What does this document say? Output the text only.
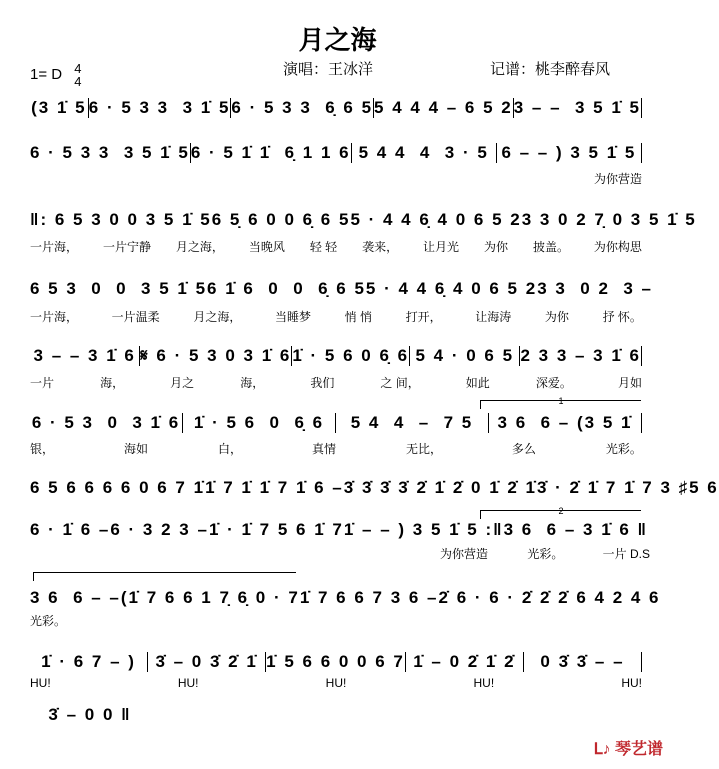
月之海
1= D 4
4
演唱：王冰洋	记谱：桃李醉春风
(3 1̇ 5 6 · 5 3 3  3 1̇ 5 6 · 5 3 3  6̣ 6 5 5 4 4 4 – 6 5 2 3 – –  3 5 1̇ 5
6 · 5 3 3  3 5 1̇ 5 6 · 5 1̇ 1̇  6̣ 1 1 6 5 4 4  4  3 · 5 6 – – ) 3 5 1̇ 5
为你营造
‖: 6 5 3 0 0 3 5 1̇ 5 6 5̣ 6 0 0 6̣ 6 5 5 · 4 4 6̣ 4 0 6 5 2 3 3 0 2 7̣ 0 3 5 1̇ 5
一片海， 一片宁静 月之海， 当晚风 轻 轻 袭来， 让月光 为你 披盖。 为你构思
6 5 3  0  0  3 5 1̇ 5 6 1̇ 6  0  0  6̣ 6 5 5 · 4 4 6̣ 4 0 6 5 2 3 3  0 2  3 –
一片海，	一片温柔	月之海，	当睡梦	悄 悄	打开，	让海涛	为你	抒 怀。
3 – – 3 1̇ 6 𝄋 6 · 5 3 0 3 1̇ 6 1̇ · 5 6 0 6̣ 6 5 4 · 0 6 5 2 3 3 – 3 1̇ 6
一片	海，	月之	海，	我们	之 间，	如此	深爱。	月如
6 · 5 3  0  3 1̇ 6 1̇ · 5 6  0  6̣ 6	5 4  4  –  7 5	3 6  6 – (3 5 1̇
银，	海如	白，	真情	无比，	多么	光彩。
6 5 6 6 6 6 0 6 7 1̇ 1̇ 7 1̇ 1̇ 7 1̇ 6 – 3̇ 3̇ 3̇ 3̇ 2̇ 1̇ 2̇ 0 1̇ 2̇ 1̇ 3̇ · 2̇ 1̇ 7 1̇ 7 3 ♯5 6
6 · 1̇ 6 – 6 · 3 2 3 – 1̇ · 1̇ 7 5 6 1̇ 7 1̇ – – ) 3 5 1̇ 5 :‖ 3 6  6 – 3 1̇ 6 ‖
为你营造	光彩。	一片 D.S
3 6  6 – – (1̇ 7 6 6 1 7̣ 6̣ 0 · 7 1̇ 7 6 6 7 3 6 – 2̇ 6 · 6 · 2̇ 2̇ 2̇ 6 4 2 4 6
光彩。
1̇ · 6 7 – )	3̇ – 0 3̇ 2̇ 1̇ 1̇ 5 6 6 0 0 6 7 1̇ – 0 2̇ 1̇ 2̇	0 3̇ 3̇ – –
HU!	HU!	HU!	HU!	HU!
3̇ – 0 0 ‖
1
2
ᒪ♪ 琴艺谱
